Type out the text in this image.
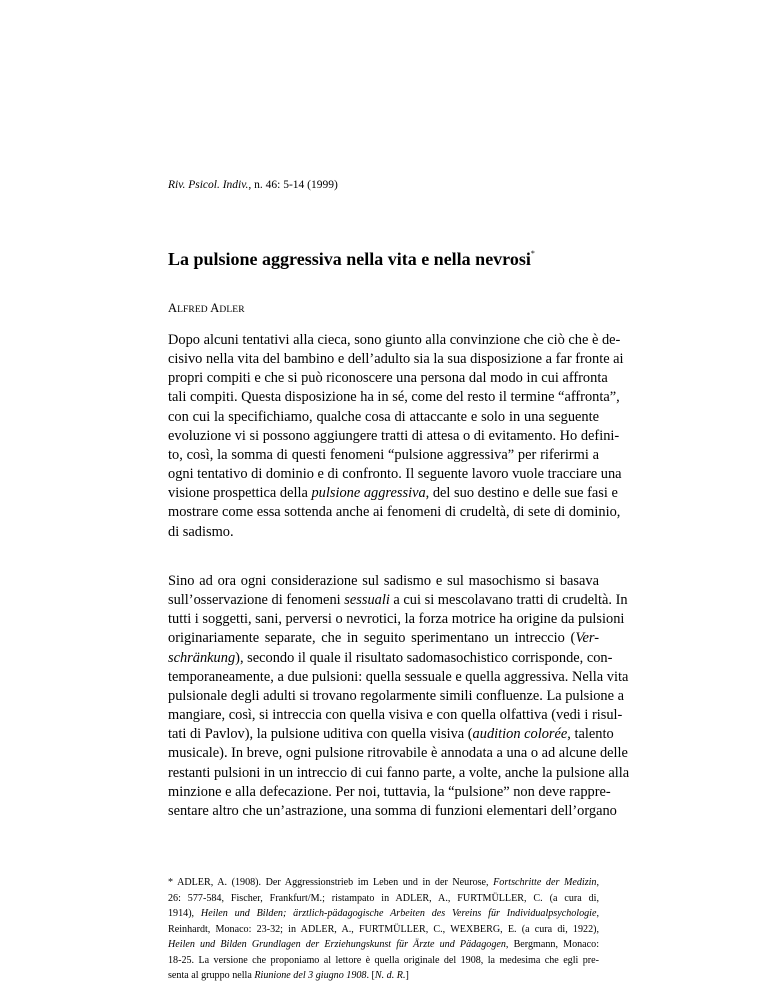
Riv. Psicol. Indiv., n. 46: 5-14 (1999)
La pulsione aggressiva nella vita e nella nevrosi*
ALFRED ADLER

Dopo alcuni tentativi alla cieca, sono giunto alla convinzione che ciò che è de-
cisivo nella vita del bambino e dell’adulto sia la sua disposizione a far fronte ai
propri compiti e che si può riconoscere una persona dal modo in cui affronta
tali compiti. Questa disposizione ha in sé, come del resto il termine “affronta”,
con cui la specifichiamo, qualche cosa di attaccante e solo in una seguente
evoluzione vi si possono aggiungere tratti di attesa o di evitamento. Ho defini-
to, così, la somma di questi fenomeni “pulsione aggressiva” per riferirmi a
ogni tentativo di dominio e di confronto. Il seguente lavoro vuole tracciare una
visione prospettica della pulsione aggressiva, del suo destino e delle sue fasi e
mostrare come essa sottenda anche ai fenomeni di crudeltà, di sete di dominio,
di sadismo.

Sino ad ora ogni considerazione sul sadismo e sul masochismo si basava
sull’osservazione di fenomeni sessuali a cui si mescolavano tratti di crudeltà. In
tutti i soggetti, sani, perversi o nevrotici, la forza motrice ha origine da pulsioni
originariamente separate, che in seguito sperimentano un intreccio (Ver-
schränkung), secondo il quale il risultato sadomasochistico corrisponde, con-
temporaneamente, a due pulsioni: quella sessuale e quella aggressiva. Nella vita
pulsionale degli adulti si trovano regolarmente simili confluenze. La pulsione a
mangiare, così, si intreccia con quella visiva e con quella olfattiva (vedi i risul-
tati di Pavlov), la pulsione uditiva con quella visiva (audition colorée, talento
musicale). In breve, ogni pulsione ritrovabile è annodata a una o ad alcune delle
restanti pulsioni in un intreccio di cui fanno parte, a volte, anche la pulsione alla
minzione e alla defecazione. Per noi, tuttavia, la “pulsione” non deve rappre-
sentare altro che un’astrazione, una somma di funzioni elementari dell’organo

* ADLER, A. (1908). Der Aggressionstrieb im Leben und in der Neurose, Fortschritte der Medizin,
26: 577-584, Fischer, Frankfurt/M.; ristampato in ADLER, A., FURTMÜLLER, C. (a cura di,
1914), Heilen und Bilden; ärztlich-pädagogische Arbeiten des Vereins für Individualpsychologie,
Reinhardt, Monaco: 23-32; in ADLER, A., FURTMÜLLER, C., WEXBERG, E. (a cura di, 1922),
Heilen und Bilden Grundlagen der Erziehungskunst für Ärzte und Pädagogen, Bergmann, Monaco:
18-25. La versione che proponiamo al lettore è quella originale del 1908, la medesima che egli pre-
senta al gruppo nella Riunione del 3 giugno 1908. [N. d. R.]
